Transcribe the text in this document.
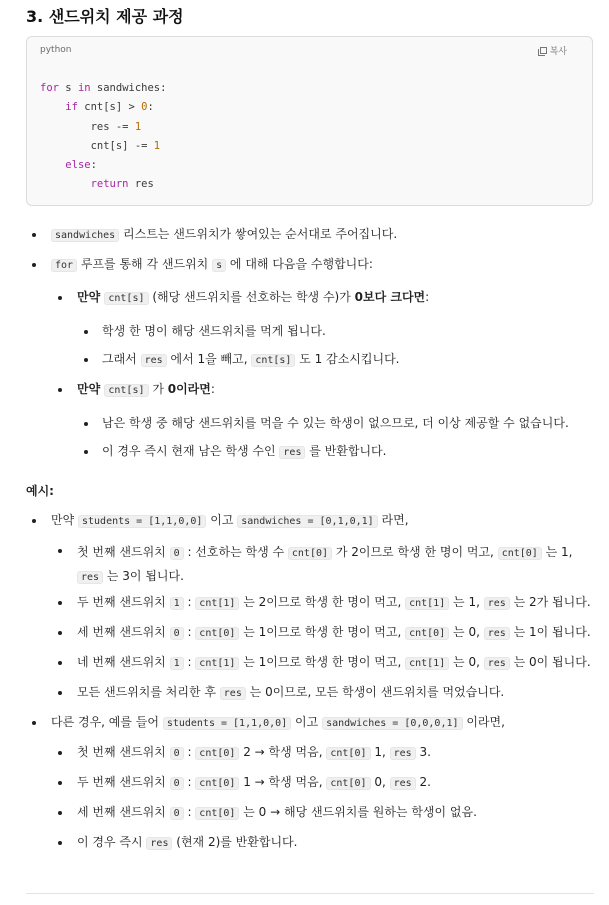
3. 샌드위치 제공 과정
python	복사
for s in sandwiches:
if cnt[s] > 0:
res -= 1
cnt[s] -= 1
else:
return res
sandwiches 리스트는 샌드위치가 쌓여있는 순서대로 주어집니다.
for 루프를 통해 각 샌드위치 s 에 대해 다음을 수행합니다:
만약 cnt[s] (해당 샌드위치를 선호하는 학생 수)가 0보다 크다면:
학생 한 명이 해당 샌드위치를 먹게 됩니다.
그래서 res 에서 1을 빼고, cnt[s] 도 1 감소시킵니다.
만약 cnt[s] 가 0이라면:
남은 학생 중 해당 샌드위치를 먹을 수 있는 학생이 없으므로, 더 이상 제공할 수 없습니다.
이 경우 즉시 현재 남은 학생 수인 res 를 반환합니다.
예시:
만약 students = [1,1,0,0] 이고 sandwiches = [0,1,0,1] 라면,
첫 번째 샌드위치 0 : 선호하는 학생 수 cnt[0] 가 2이므로 학생 한 명이 먹고, cnt[0] 는 1, res 는 3이 됩니다.
두 번째 샌드위치 1 : cnt[1] 는 2이므로 학생 한 명이 먹고, cnt[1] 는 1, res 는 2가 됩니다.
세 번째 샌드위치 0 : cnt[0] 는 1이므로 학생 한 명이 먹고, cnt[0] 는 0, res 는 1이 됩니다.
네 번째 샌드위치 1 : cnt[1] 는 1이므로 학생 한 명이 먹고, cnt[1] 는 0, res 는 0이 됩니다.
모든 샌드위치를 처리한 후 res 는 0이므로, 모든 학생이 샌드위치를 먹었습니다.
다른 경우, 예를 들어 students = [1,1,0,0] 이고 sandwiches = [0,0,0,1] 이라면,
첫 번째 샌드위치 0 : cnt[0] 2 → 학생 먹음, cnt[0] 1, res 3.
두 번째 샌드위치 0 : cnt[0] 1 → 학생 먹음, cnt[0] 0, res 2.
세 번째 샌드위치 0 : cnt[0] 는 0 → 해당 샌드위치를 원하는 학생이 없음.
이 경우 즉시 res (현재 2)를 반환합니다.
